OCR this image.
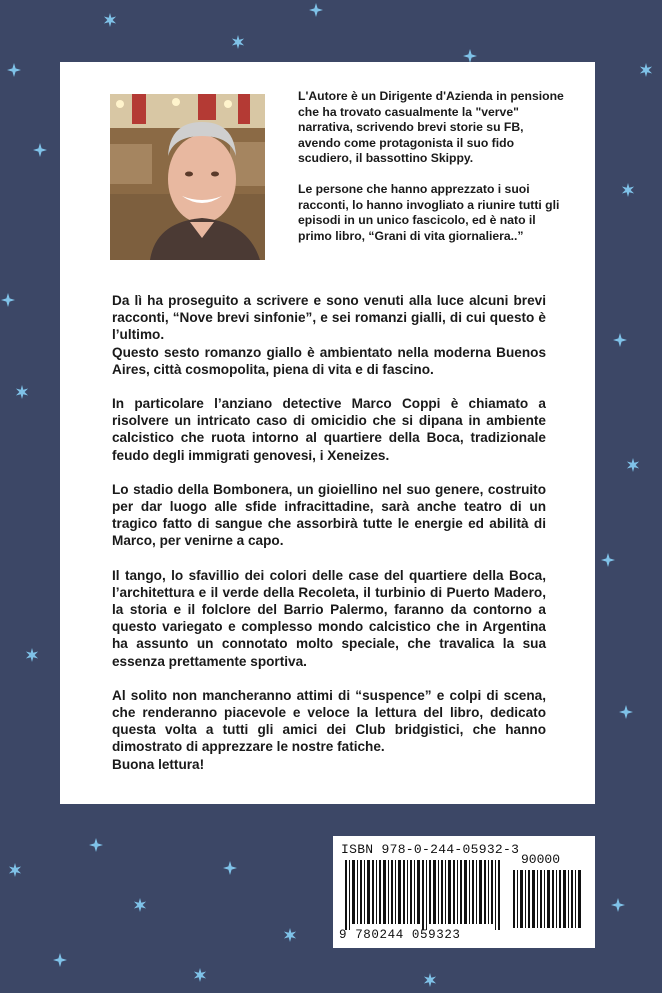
L'Autore è un Dirigente d'Azienda in pensione che ha trovato casualmente la "verve" narrativa, scrivendo brevi storie su FB, avendo come protagonista il suo fido scudiero, il bassottino Skippy.

Le persone che hanno apprezzato i suoi racconti, lo hanno invogliato a riunire tutti gli episodi in un unico fascicolo, ed è nato il primo libro, “Grani di vita giornaliera..”

Da lì ha proseguito a scrivere e sono venuti alla luce alcuni brevi racconti, “Nove brevi sinfonie”, e sei romanzi gialli, di cui questo è l’ultimo.

Questo sesto romanzo giallo è ambientato nella moderna Buenos Aires, città cosmopolita, piena di vita e di fascino.

In particolare l’anziano detective Marco Coppi è chiamato a risolvere un intricato caso di omicidio che si dipana in ambiente calcistico che ruota intorno al quartiere della Boca, tradizionale feudo degli immigrati genovesi, i Xeneizes.

Lo stadio della Bombonera, un gioiellino nel suo genere, costruito per dar luogo alle sfide infracittadine, sarà anche teatro di un tragico fatto di sangue che assorbirà tutte le energie ed abilità di Marco, per venirne a capo.

Il tango, lo sfavillio dei colori delle case del quartiere della Boca, l’architettura e il verde della Recoleta, il turbinio di Puerto Madero, la storia e il folclore del Barrio Palermo, faranno da contorno a questo variegato e complesso mondo calcistico che in Argentina ha assunto un connotato molto speciale, che travalica la sua essenza prettamente sportiva.

Al solito non mancheranno attimi di “suspence” e colpi di scena, che renderanno piacevole e veloce la lettura del libro, dedicato questa volta a tutti gli amici dei Club bridgistici, che hanno dimostrato di apprezzare le nostre fatiche.

Buona lettura!

ISBN 978-0-244-05932-3
90000
9 780244 059323
